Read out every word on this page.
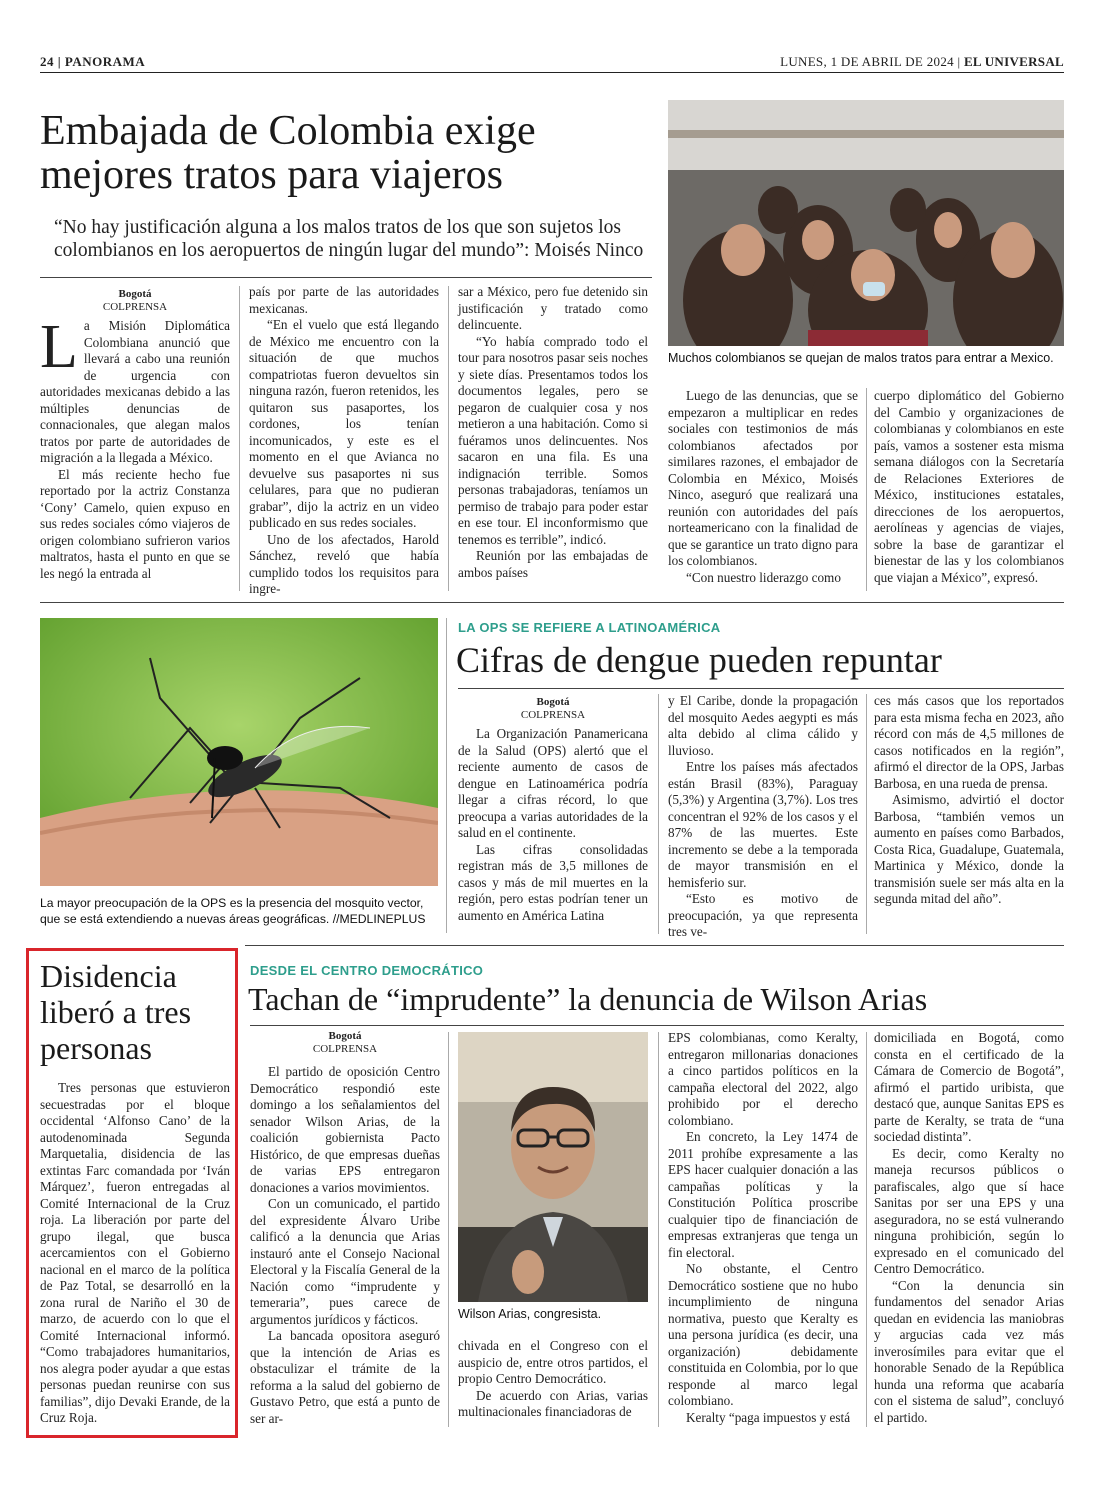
24 | PANORAMA	LUNES, 1 DE ABRIL DE 2024 | EL UNIVERSAL
Embajada de Colombia exige mejores tratos para viajeros
“No hay justificación alguna a los malos tratos de los que son sujetos los colombianos en los aeropuertos de ningún lugar del mundo”: Moisés Ninco
Bogotá
COLPRENSA

La Misión Diplomática Colombiana anunció que llevará a cabo una reunión de urgencia con autoridades mexicanas debido a las múltiples denuncias de connacionales, que alegan malos tratos por parte de autoridades de migración a la llegada a México.

El más reciente hecho fue reportado por la actriz Constanza ‘Cony’ Camelo, quien expuso en sus redes sociales cómo viajeros de origen colombiano sufrieron varios maltratos, hasta el punto en que se les negó la entrada al

país por parte de las autoridades mexicanas.

“En el vuelo que está llegando de México me encuentro con la situación de que muchos compatriotas fueron devueltos sin ninguna razón, fueron retenidos, les quitaron sus pasaportes, los cordones, los tenían incomunicados, y este es el momento en el que Avianca no devuelve sus pasaportes ni sus celulares, para que no pudieran grabar”, dijo la actriz en un video publicado en sus redes sociales.

Uno de los afectados, Harold Sánchez, reveló que había cumplido todos los requisitos para ingre-

sar a México, pero fue detenido sin justificación y tratado como delincuente.

“Yo había comprado todo el tour para nosotros pasar seis noches y siete días. Presentamos todos los documentos legales, pero se pegaron de cualquier cosa y nos metieron a una habitación. Como si fuéramos unos delincuentes. Nos sacaron en una fila. Es una indignación terrible. Somos personas trabajadoras, teníamos un permiso de trabajo para poder estar en ese tour. El inconformismo que tenemos es terrible”, indicó.

Reunión por las embajadas de ambos países

Muchos colombianos se quejan de malos tratos para entrar a Mexico.

Luego de las denuncias, que se empezaron a multiplicar en redes sociales con testimonios de más colombianos afectados por similares razones, el embajador de Colombia en México, Moisés Ninco, aseguró que realizará una reunión con autoridades del país norteamericano con la finalidad de que se garantice un trato digno para los colombianos.

“Con nuestro liderazgo como

cuerpo diplomático del Gobierno del Cambio y organizaciones de colombianas y colombianos en este país, vamos a sostener esta misma semana diálogos con la Secretaría de Relaciones Exteriores de México, instituciones estatales, direcciones de los aeropuertos, aerolíneas y agencias de viajes, sobre la base de garantizar el bienestar de las y los colombianos que viajan a México”, expresó.

La mayor preocupación de la OPS es la presencia del mosquito vector, que se está extendiendo a nuevas áreas geográficas. //MEDLINEPLUS
LA OPS SE REFIERE A LATINOAMÉRICA
Cifras de dengue pueden repuntar
Bogotá
COLPRENSA

La Organización Panamericana de la Salud (OPS) alertó que el reciente aumento de casos de dengue en Latinoamérica podría llegar a cifras récord, lo que preocupa a varias autoridades de la salud en el continente.

Las cifras consolidadas registran más de 3,5 millones de casos y más de mil muertes en la región, pero estas podrían tener un aumento en América Latina

y El Caribe, donde la propagación del mosquito Aedes aegypti es más alta debido al clima cálido y lluvioso.

Entre los países más afectados están Brasil (83%), Paraguay (5,3%) y Argentina (3,7%). Los tres concentran el 92% de los casos y el 87% de las muertes. Este incremento se debe a la temporada de mayor transmisión en el hemisferio sur.

“Esto es motivo de preocupación, ya que representa tres ve-

ces más casos que los reportados para esta misma fecha en 2023, año récord con más de 4,5 millones de casos notificados en la región”, afirmó el director de la OPS, Jarbas Barbosa, en una rueda de prensa.

Asimismo, advirtió el doctor Barbosa, “también vemos un aumento en países como Barbados, Costa Rica, Guadalupe, Guatemala, Martinica y México, donde la transmisión suele ser más alta en la segunda mitad del año”.

Disidencia liberó a tres personas

Tres personas que estuvieron secuestradas por el bloque occidental ‘Alfonso Cano’ de la autodenominada Segunda Marquetalia, disidencia de las extintas Farc comandada por ‘Iván Márquez’, fueron entregadas al Comité Internacional de la Cruz roja. La liberación por parte del grupo ilegal, que busca acercamientos con el Gobierno nacional en el marco de la política de Paz Total, se desarrolló en la zona rural de Nariño el 30 de marzo, de acuerdo con lo que el Comité Internacional informó. “Como trabajadores humanitarios, nos alegra poder ayudar a que estas personas puedan reunirse con sus familias”, dijo Devaki Erande, de la Cruz Roja.

DESDE EL CENTRO DEMOCRÁTICO
Tachan de “imprudente” la denuncia de Wilson Arias
Bogotá
COLPRENSA

El partido de oposición Centro Democrático respondió este domingo a los señalamientos del senador Wilson Arias, de la coalición gobiernista Pacto Histórico, de que empresas dueñas de varias EPS entregaron donaciones a varios movimientos.

Con un comunicado, el partido del expresidente Álvaro Uribe calificó a la denuncia que Arias instauró ante el Consejo Nacional Electoral y la Fiscalía General de la Nación como “imprudente y temeraria”, pues carece de argumentos jurídicos y fácticos.

La bancada opositora aseguró que la intención de Arias es obstaculizar el trámite de la reforma a la salud del gobierno de Gustavo Petro, que está a punto de ser ar-

Wilson Arias, congresista.

chivada en el Congreso con el auspicio de, entre otros partidos, el propio Centro Democrático.

De acuerdo con Arias, varias multinacionales financiadoras de

EPS colombianas, como Keralty, entregaron millonarias donaciones a cinco partidos políticos en la campaña electoral del 2022, algo prohibido por el derecho colombiano.

En concreto, la Ley 1474 de 2011 prohíbe expresamente a las EPS hacer cualquier donación a las campañas políticas y la Constitución Política proscribe cualquier tipo de financiación de empresas extranjeras que tenga un fin electoral.

No obstante, el Centro Democrático sostiene que no hubo incumplimiento de ninguna normativa, puesto que Keralty es una persona jurídica (es decir, una organización) debidamente constituida en Colombia, por lo que responde al marco legal colombiano.

Keralty “paga impuestos y está

domiciliada en Bogotá, como consta en el certificado de la Cámara de Comercio de Bogotá”, afirmó el partido uribista, que destacó que, aunque Sanitas EPS es parte de Keralty, se trata de “una sociedad distinta”.

Es decir, como Keralty no maneja recursos públicos o parafiscales, algo que sí hace Sanitas por ser una EPS y una aseguradora, no se está vulnerando ninguna prohibición, según lo expresado en el comunicado del Centro Democrático.

“Con la denuncia sin fundamentos del senador Arias quedan en evidencia las maniobras y argucias cada vez más inverosímiles para evitar que el honorable Senado de la República hunda una reforma que acabaría con el sistema de salud”, concluyó el partido.
